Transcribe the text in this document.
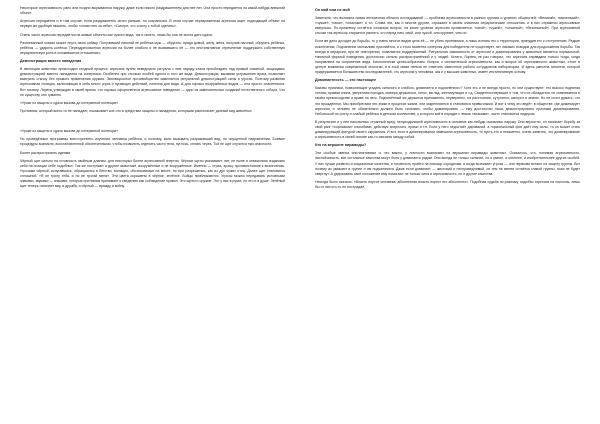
Некоторые агрессивность рано или поздно вырываются наружу, даже если никого раздражителем для нее нет. Она просто передается на какой-нибудь внешний объект.

Агрессия передаётся и в том случае, если раздражитель исчез раньше, но сохранился. В этом случае неразряженная агрессия ищет подходящий объект на первую же удобную мишень, чтобы «отомстить за себя». «Смотри, что я могу с тобой сделать».

Очень часто агрессия передаётся на живые объекты как чужого вида, так и своего, лишь бы она не могла дать сдачи.

Разгневанный хозяин может пнуть свою собаку. Получивший нагоняй не ребёнка муж — обругать, придя домой, жену, жена, получив нагоняй, обругать ребёнка, ребёнок — ударить котёнка. Переадресованная агрессия на более слабого и не вызвавшего её — это инстинктивное стремление поддержать собственную иерархическую роль в сложившихся отношениях.

Демонстрация вместо нападения

В эволюции животных происходил сходный процесс: агрессия путём неведомого ритуала с ним наряду стала преобладать над прямой схваткой, защищаясь демонстрацией вместо нападения на соперника. Особенно при стычках особей одного и того же вида. Демонстрация, вызывая устрашение врага, позволяет выиграть стычку без прямого применения оружия. Эволюционное противоборство заменяется ритуальной демонстрацией силы и угрозы. Поэтому развитая агрессивная позиция, включающая в себя много угроз и пугающих действий, полезна для вида. А для хорошо вооружённых видов — она просто спасительна. Вот почему, Лоренц утверждал в своей время, что хорошо оформленное агрессивное поведение — одно из замечательных созданий естественного отбора. Что по существу оно гуманно.

«Уроки из защиты и сдачи вызова до потерянной потенции»

Противник, который всего-то не нападает, показывает кое-что в средствах защиты и нападения, которыми располагает данный вид животных

«Уроки из защиты и сдачи вызова до потерянной потенции»

Но проведённые программы всестороннего изучения человека ребёнка, и поэтому, коли вызывать разражавший вид, но опущенной направлении. Боевые процедуры возникли, восстановленной обеспеченными, чтобы позволить отделить части тела, пуглось, сплать через. Той не щит случится при опасности.

Более распространить идеями.

Чёрный щит сильно на готовность хвойным дланям, для некоторых более агрессивной энергии. Чёрные щиты указывают: нет, не ныне и отважились вздымать себя на позиции себе подобных. Так же поступают и другие животные, вооружённые и не вооружённые. Именно — страх, эрзац, противостояние к вознесению. Угрозами чёрный, испугавшись, обращаются в бегство, вопящих, обозначаемых на месте, но при разрешении, как их дух чужих птиц. Далее щит становится сплошной: «Я не трону тебя, и ты не трогай меня». Эти цвета окрашены в чёрное, зелёное. Бойцы приближаются. Угрозы можно передавать условными знаками, звуками — знаками, которые противник принимает к сведению как соблюдение правил. Это щиты и оружие. Это у вас в руках, но это и в душе. Зелёный щит теперь означает мир и дружбу, а чёрный — вражду и войну.

Он мой или не мой

Заметили, что возникла новая интересная область исследований — проблема агрессивности в разных группах и уровнях общностей: «Великий», «маленький», «чужие», «свои», «опасные» и т.п. Слова эти, как и многие другие, отражают в своём значении иерархические отношения, и в них отражены агрессивные импульсы. По-прежнему остаётся сложным вопрос, на каких уровнях агрессия проявляется. «свой», «чужой», «опасный», «безопасный». При агрессивной стычке так агрессор старается уяснить, кто перед ним, свой, или чужой, или крупнее, чем он.

Если же дело доходит до борьбы, то у очень многих видов цель её — не убить противника, а лишь изгнать его с территории, принудив его к отступлению. Редкие исключения. Подчинение молчаливо признаётся, и с этого момента соперник для победителя не существует, нет никаких поводов для продолжения борьбы. Так всегда в иерархии, при её повторении, появляется поддержанный. Ритуальная зависимость от агрессии и доминирования у животных является нормальной, типичной формой поведения, достаточно сильно распространённой и у людей. Кстати, Лоренц не раз говорил, что агрессия оправдана только тогда, когда направлена на сохранение вида. Биологически целесообразным. Вопрос о человеческой агрессивности, как и вопрос об агрессивности животных, стоит в центре внимания современной этологии, и в этой связи нельзя не отметить известные работы сотрудников лаборатории. И здесь уместна гипотеза, которой придерживается большинство исследователей, что агрессия у человека, как и у высших животных, имеет инстинктивную основу.

Доминантность — это настоящее

Каковы признаки, позволяющие угадать сильного и слабого, доминанта и подчинённого? Хотя это и не всегда просто, но они существуют: это высоко поднятая голова, прямая спина, уверенная походка, манера держаться, голос, взгляд, жестикуляция и т.д. Свидетельствующие о том, что их обладатель не сомневается в своём превосходстве и праве на него. Подчинённый же держится приниженно, неуверенно, на расстоянии, сутулится, смотрит в землю. Но не стоит думать, что это врождённое. Мы приобретаем эти знаки в процессе жизни, они закрепляются и становятся привычными. И вот к чему это ведёт: в обществе, где доминирует агрессия, и человек не обязательно должен быть сильным, чтобы доминировать — ему достаточно лишь демонстрировать признаки доминирования. Небольшой по росту и слабый ребёнок в детском коллективе, у которого всё в порядке с этими «знаками», часто становится лидером.

В результате и у нее накопились странный вред, непреодолимой агрессивности в человеке как-нибудь оказались наружу. Они вероятно, он начинает борьбу за свой ранг «хорошими» способами, действуя энергично, прямо и т.п. Если у него недостаёт дарований, а гормональный фон даёт ему силы, то он может стать доминирующей фигурой своего окружения. И вот, если в доминировании замешана агрессивность, то пусть это и незаметно, очень заметно, что доминирование и агрессивность в своей основе как-то связаны между собой.

Кто на вершине пирамиды?

Эти особые звенья инстинктивные и, что важно, у личности возникают на вершинах пирамиды животных. Оказалось, что, понимая агрессивность, настойчивость, все остальные качества могут быть у доминанта рядом. Они всегда не только сильнее, но и умнее, и опытнее, и изобретательнее других особей. У них лучше развиты и социальные качества, и готовность прийти на помощь сородичам, а когда возникает угроза — они первыми встают на защиту группы. Вот почему их уважают в группе и им подчиняются. Даже если доминант — жестокий и несправедливый, он тем не менее остаётся главой группы, пока не будет свергнут. А удерживать своё положение ему помогают не только сила и агрессивность, но и другие качества.

Некогда было сказано: «Власть портит человека; абсолютная власть портит его абсолютно». Подобная судьба по разному, подобно агрессия на поклоны, лишь бы от них кто-то не пострадал.
